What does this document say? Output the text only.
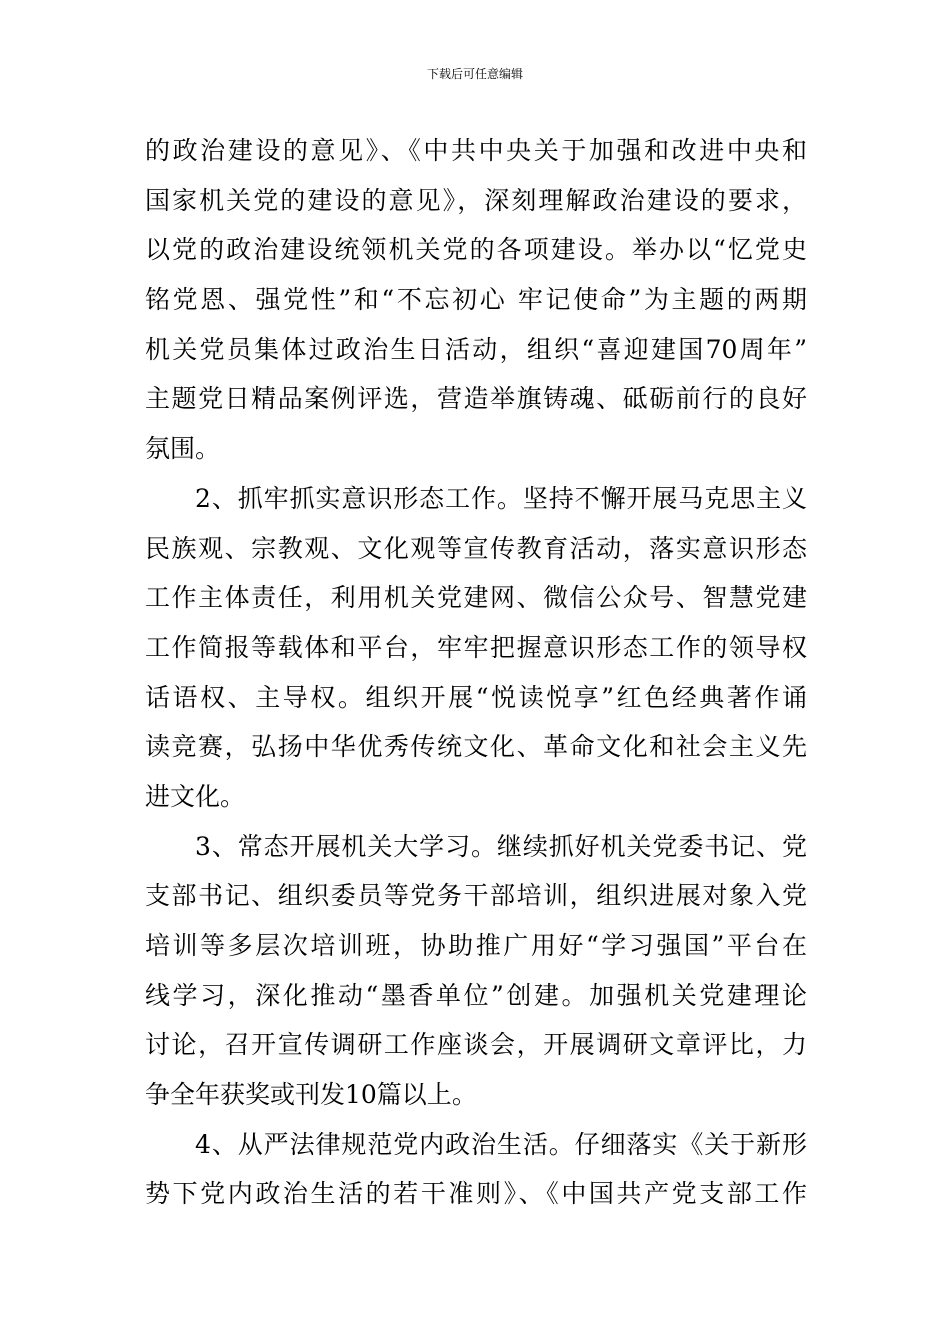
下载后可任意编辑
的政治建设的意见》、《中共中央关于加强和改进中央和
国家机关党的建设的意见》，深刻理解政治建设的要求，
以党的政治建设统领机关党的各项建设。举办以“忆党史
铭党恩、强党性”和“不忘初心 牢记使命”为主题的两期
机关党员集体过政治生日活动，组织“喜迎建国70周年”
主题党日精品案例评选，营造举旗铸魂、砥砺前行的良好
氛围。
2、抓牢抓实意识形态工作。坚持不懈开展马克思主义
民族观、宗教观、文化观等宣传教育活动，落实意识形态
工作主体责任，利用机关党建网、微信公众号、智慧党建
工作简报等载体和平台，牢牢把握意识形态工作的领导权
话语权、主导权。组织开展“悦读悦享”红色经典著作诵
读竞赛，弘扬中华优秀传统文化、革命文化和社会主义先
进文化。
3、常态开展机关大学习。继续抓好机关党委书记、党
支部书记、组织委员等党务干部培训，组织进展对象入党
培训等多层次培训班，协助推广用好“学习强国”平台在
线学习，深化推动“墨香单位”创建。加强机关党建理论
讨论，召开宣传调研工作座谈会，开展调研文章评比，力
争全年获奖或刊发10篇以上。
4、从严法律规范党内政治生活。仔细落实《关于新形
势下党内政治生活的若干准则》、《中国共产党支部工作
